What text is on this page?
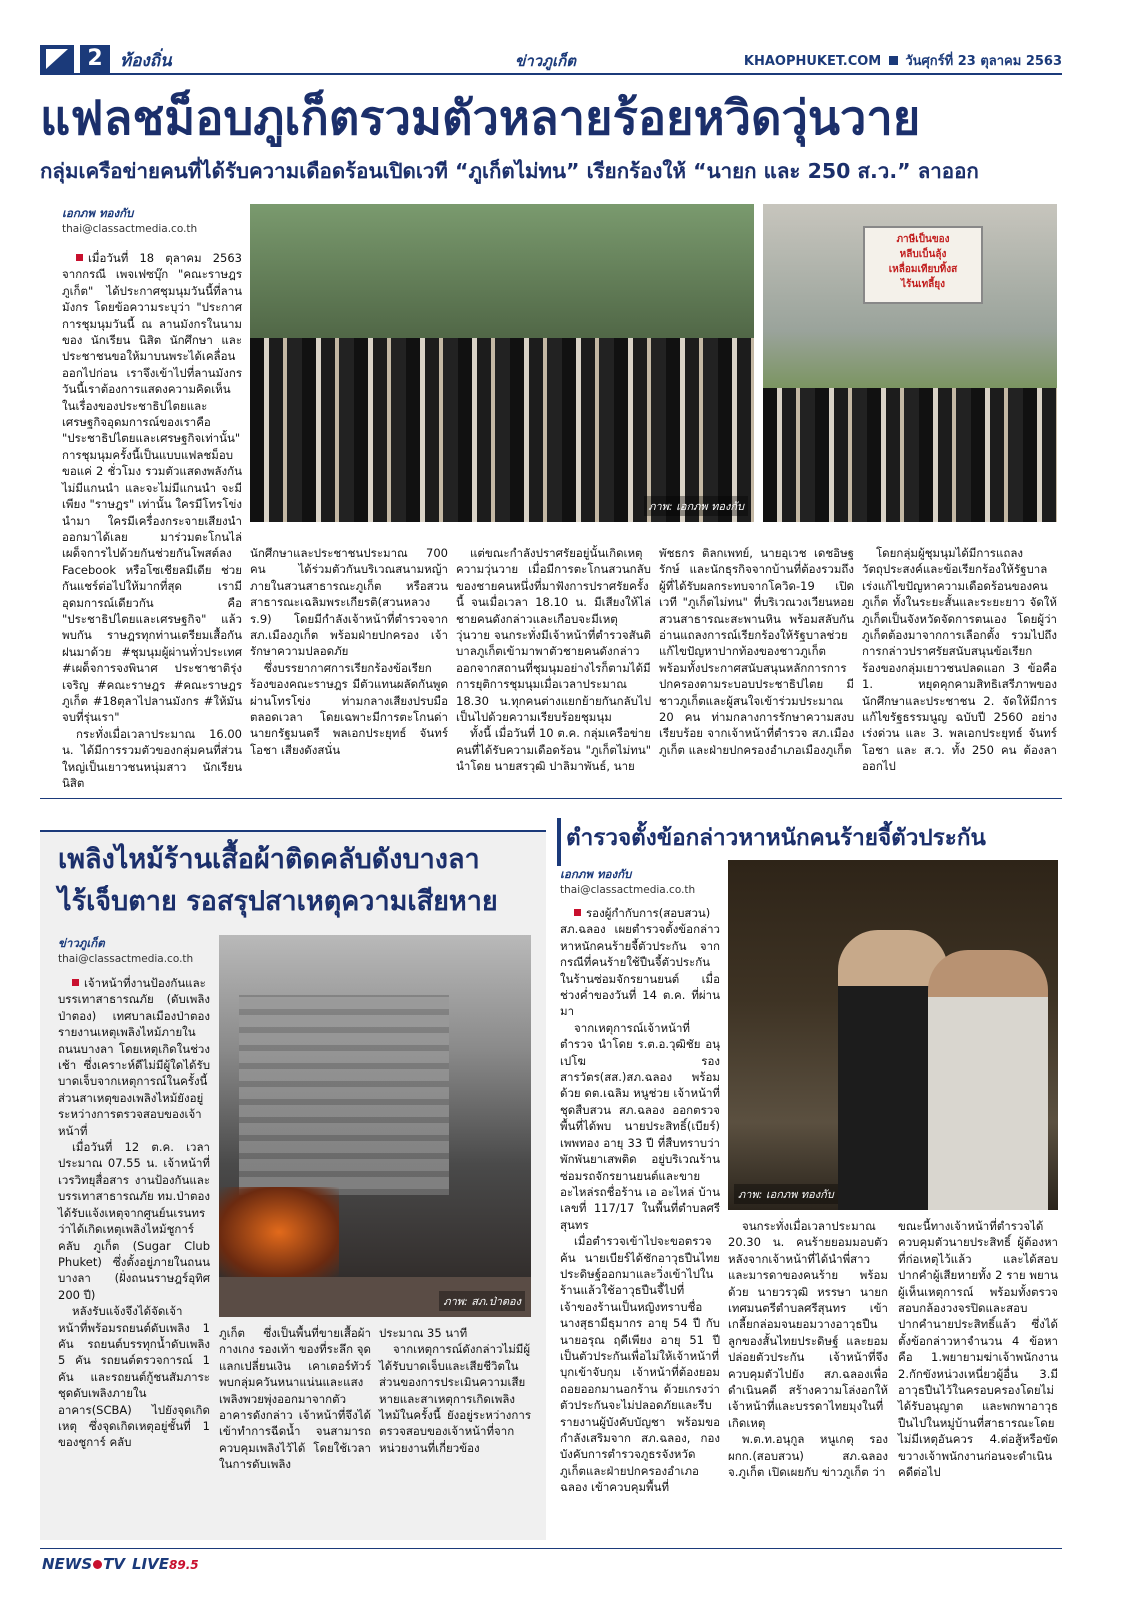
2	ท้องถิ่น	ข่าวภูเก็ต	KHAOPHUKET.COM วันศุกร์ที่ 23 ตุลาคม 2563
แฟลชม็อบภูเก็ตรวมตัวหลายร้อยหวิดวุ่นวาย
กลุ่มเครือข่ายคนที่ได้รับความเดือดร้อนเปิดเวที “ภูเก็ตไม่ทน” เรียกร้องให้ “นายก และ 250 ส.ว.” ลาออก
เอกภพ ทองกับ
thai@classactmedia.co.th
ภาพ: เอกภพ ทองกับ
ภาษีเป็นของ
หลีบเบ็นลุ้ง
เหลื่อมเทียบทิ้งส
ไร้นเทลี้ยุง

เมื่อวันที่ 18 ตุลาคม 2563 จากกรณี เพจเฟซบุ๊ก "คณะราษฎรภูเก็ต" ได้ประกาศชุมนุมวันนี้ที่ลานมังกร โดยข้อความระบุว่า "ประกาศการชุมนุมวันนี้ ณ ลานมังกรในนามของ นักเรียน นิสิต นักศึกษา และประชาชนขอให้มาบนพระได้เคลื่อนออกไปก่อน เราจึงเข้าไปที่ลานมังกร วันนี้เราต้องการแสดงความคิดเห็นในเรื่องของประชาธิปไตยและเศรษฐกิจอุดมการณ์ของเราคือ "ประชาธิปไตยและเศรษฐกิจเท่านั้น" การชุมนุมครั้งนี้เป็นแบบแฟลชม็อบ ขอแค่ 2 ชั่วโมง รวมตัวแสดงพลังกัน ไม่มีแกนนำ และจะไม่มีแกนนำ จะมีเพียง "ราษฎร" เท่านั้น ใครมีโทรโข่งนำมา ใครมีเครื่องกระจายเสียงนำออกมาได้เลย มาร่วมตะโกนไล่เผด็จการไปด้วยกันช่วยกันโพสต์ลง Facebook หรือโซเชียลมีเดีย ช่วยกันแชร์ต่อไปให้มากที่สุด เรามีอุดมการณ์เดียวกัน คือ "ประชาธิปไตยและเศรษฐกิจ" แล้วพบกัน ราษฎรทุกท่านเตรียมเสื้อกันฝนมาด้วย #ชุมนุมผู้ผ่านทั่วประเทศ #เผด็จการจงพินาศ ประชาชาติรุ่งเจริญ #คณะราษฎร #คณะราษฎรภูเก็ต #18ตุลาไปลานมังกร #ให้มันจบที่รุ่นเรา"

กระทั่งเมื่อเวลาประมาณ 16.00 น. ได้มีการรวมตัวของกลุ่มคนที่ส่วนใหญ่เป็นเยาวชนหนุ่มสาว นักเรียน นิสิต

นักศึกษาและประชาชนประมาณ 700 คน ได้ร่วมตัวกันบริเวณสนามหญ้าภายในสวนสาธารณะภูเก็ต หรือสวนสาธารณะเฉลิมพระเกียรติ(สวนหลวง ร.9) โดยมีกำลังเจ้าหน้าที่ตำรวจจาก สภ.เมืองภูเก็ต พร้อมฝ่ายปกครอง เจ้ารักษาความปลอดภัย

ซึ่งบรรยากาศการเรียกร้องข้อเรียกร้องของคณะราษฎร มีตัวแทนผลัดกันพูดผ่านโทรโข่ง ท่ามกลางเสียงปรบมือตลอดเวลา โดยเฉพาะมีการตะโกนด่านายกรัฐมนตรี พลเอกประยุทธ์ จันทร์โอชา เสียงดังสนั่น

แต่ขณะกำลังปราศรัยอยู่นั้นเกิดเหตุความวุ่นวาย เมื่อมีการตะโกนสวนกลับของชายคนหนึ่งที่มาฟังการปราศรัยครั้งนี้ จนเมื่อเวลา 18.10 น. มีเสียงให้ไล่ชายคนดังกล่าวและเกือบจะมีเหตุวุ่นวาย จนกระทั่งมีเจ้าหน้าที่ตำรวจสันติบาลภูเก็ตเข้ามาพาตัวชายคนดังกล่าวออกจากสถานที่ชุมนุมอย่างไรก็ตามได้มีการยุติการชุมนุมเมื่อเวลาประมาณ 18.30 น.ทุกคนต่างแยกย้ายกันกลับไปเป็นไปด้วยความเรียบร้อยชุมนุม

ทั้งนี้ เมื่อวันที่ 10 ต.ค. กลุ่มเครือข่ายคนที่ได้รับความเดือดร้อน "ภูเก็ตไม่ทน" นำโดย นายสรวุฒิ ปาลิมาพันธ์, นาย

พัชธกร ติลกเพทย์, นายอุเวช เดชอิษฐรักษ์ และนักธุรกิจจากบ้านที่ต้องรวมถึงผู้ที่ได้รับผลกระทบจากโควิด-19 เปิดเวที "ภูเก็ตไม่ทน" ที่บริเวณวงเวียนหอย สวนสาธารณะสะพานหิน พร้อมสลับกันอ่านแถลงการณ์เรียกร้องให้รัฐบาลช่วยแก้ไขปัญหาปากท้องของชาวภูเก็ต พร้อมทั้งประกาศสนับสนุนหลักการการปกครองตามระบอบประชาธิปไตย มีชาวภูเก็ตและผู้สนใจเข้าร่วมประมาณ 20 คน ท่ามกลางการรักษาความสงบเรียบร้อย จากเจ้าหน้าที่ตำรวจ สภ.เมืองภูเก็ต และฝ่ายปกครองอำเภอเมืองภูเก็ต

โดยกลุ่มผู้ชุมนุมได้มีการแถลงวัตถุประสงค์และข้อเรียกร้องให้รัฐบาลเร่งแก้ไขปัญหาความเดือดร้อนของคนภูเก็ต ทั้งในระยะสั้นและระยะยาว จัดให้ภูเก็ตเป็นจังหวัดจัดการตนเอง โดยผู้ว่าภูเก็ตต้องมาจากการเลือกตั้ง รวมไปถึงการกล่าวปราศรัยสนับสนุนข้อเรียกร้องของกลุ่มเยาวชนปลดแอก 3 ข้อคือ 1. หยุดคุกคามสิทธิเสรีภาพของนักศึกษาและประชาชน 2. จัดให้มีการแก้ไขรัฐธรรมนูญ ฉบับปี 2560 อย่างเร่งด่วน และ 3. พลเอกประยุทธ์ จันทร์โอชา และ ส.ว. ทั้ง 250 คน ต้องลาออกไป

เพลิงไหม้ร้านเสื้อผ้าติดคลับดังบางลา
ไร้เจ็บตาย รอสรุปสาเหตุความเสียหาย
ข่าวภูเก็ต
thai@classactmedia.co.th
ภาพ: สภ.ป่าตอง

เจ้าหน้าที่งานป้องกันและบรรเทาสาธารณภัย (ดับเพลิงป่าตอง) เทศบาลเมืองป่าตอง รายงานเหตุเพลิงไหม้ภายในถนนบางลา โดยเหตุเกิดในช่วงเช้า ซึ่งเคราะห์ดีไม่มีผู้ใดได้รับบาดเจ็บจากเหตุการณ์ในครั้งนี้ ส่วนสาเหตุของเพลิงไหม้ยังอยู่ระหว่างการตรวจสอบของเจ้าหน้าที่

เมื่อวันที่ 12 ต.ค. เวลาประมาณ 07.55 น. เจ้าหน้าที่เวรวิทยุสื่อสาร งานป้องกันและบรรเทาสาธารณภัย ทม.ป่าตอง ได้รับแจ้งเหตุจากศูนย์นเรนทรว่าได้เกิดเหตุเพลิงไหม้ชูการ์ คลับ ภูเก็ต (Sugar Club Phuket) ซึ่งตั้งอยู่ภายในถนนบางลา (ฝั่งถนนราษฎร์อุทิศ 200 ปี)

หลังรับแจ้งจึงได้จัดเจ้าหน้าที่พร้อมรถยนต์ดับเพลิง 1 คัน รถยนต์บรรทุกน้ำดับเพลิง 5 คัน รถยนต์ตรวจการณ์ 1 คัน และรถยนต์กู้ชนสัมภาระชุดดับเพลิงภายในอาคาร(SCBA) ไปยังจุดเกิดเหตุ ซึ่งจุดเกิดเหตุอยู่ชั้นที่ 1 ของชูการ์ คลับ

ภูเก็ต ซึ่งเป็นพื้นที่ขายเสื้อผ้า กางเกง รองเท้า ของที่ระลึก จุดแลกเปลี่ยนเงิน เคาเตอร์ทัวร์ พบกลุ่มควันหนาแน่นและแสงเพลิงพวยพุ่งออกมาจากตัวอาคารดังกล่าว เจ้าหน้าที่จึงได้เข้าทำการฉีดน้ำ จนสามารถควบคุมเพลิงไว้ได้ โดยใช้เวลาในการดับเพลิง

ประมาณ 35 นาที

จากเหตุการณ์ดังกล่าวไม่มีผู้ได้รับบาดเจ็บและเสียชีวิตในส่วนของการประเมินความเสียหายและสาเหตุการเกิดเพลิงไหม้ในครั้งนี้ ยังอยู่ระหว่างการตรวจสอบของเจ้าหน้าที่จากหน่วยงานที่เกี่ยวข้อง

ตำรวจตั้งข้อกล่าวหาหนักคนร้ายจี้ตัวประกัน
เอกภพ ทองกับ
thai@classactmedia.co.th
ภาพ: เอกภพ ทองกับ

รองผู้กำกับการ(สอบสวน) สภ.ฉลอง เผยตำรวจตั้งข้อกล่าวหาหนักคนร้ายจี้ตัวประกัน จากกรณีที่คนร้ายใช้ปืนจี้ตัวประกันในร้านซ่อมจักรยานยนต์ เมื่อช่วงค่ำของวันที่ 14 ต.ค. ที่ผ่านมา

จากเหตุการณ์เจ้าหน้าที่ตำรวจ นำโดย ร.ต.อ.วุฒิชัย อนุเปโฆ รองสารวัตร(สส.)สภ.ฉลอง พร้อมด้วย ดต.เฉลิม หนูช่วย เจ้าหน้าที่ชุดสืบสวน สภ.ฉลอง ออกตรวจพื้นที่ได้พบ นายประสิทธิ์(เบียร์) เพพทอง อายุ 33 ปี ที่สืบทราบว่าพักพันยาเสพติด อยู่บริเวณร้านซ่อมรถจักรยานยนต์และขายอะไหล่รถชื่อร้าน เอ อะไหล่ บ้านเลขที่ 117/17 ในพื้นที่ตำบลศรีสุนทร

เมื่อตำรวจเข้าไปจะขอตรวจค้น นายเบียร์ได้ชักอาวุธปืนไทยประดิษฐ์ออกมาและวิ่งเข้าไปในร้านแล้วใช้อาวุธปืนจี้ไปที่เจ้าของร้านเป็นหญิงทราบชื่อ นางสุธามีธุมากร อายุ 54 ปี กับ นายอรุณ ฤดีเพียง อายุ 51 ปี เป็นตัวประกันเพื่อไม่ให้เจ้าหน้าที่บุกเข้าจับกุม เจ้าหน้าที่ต้องยอมถอยออกมานอกร้าน ด้วยเกรงว่าตัวประกันจะไม่ปลอดภัยและรีบรายงานผู้บังคับบัญชา พร้อมขอกำลังเสริมจาก สภ.ฉลอง, กองบังคับการตำรวจภูธรจังหวัดภูเก็ตและฝ่ายปกครองอำเภอฉลอง เข้าควบคุมพื้นที่

จนกระทั่งเมื่อเวลาประมาณ 20.30 น. คนร้ายยอมมอบตัวหลังจากเจ้าหน้าที่ได้นำพี่สาวและมารดาของคนร้าย พร้อมด้วย นายวรวุฒิ หรรษา นายกเทศมนตรีตำบลศรีสุนทร เข้าเกลี้ยกล่อมจนยอมวางอาวุธปืนลูกของสั้นไทยประดิษฐ์ และยอมปล่อยตัวประกัน เจ้าหน้าที่จึงควบคุมตัวไปยัง สภ.ฉลองเพื่อดำเนินคดี สร้างความโล่งอกให้เจ้าหน้าที่และบรรดาไทยมุงในที่เกิดเหตุ

พ.ต.ท.อนุกูล หนูเกตุ รอง ผกก.(สอบสวน) สภ.ฉลอง จ.ภูเก็ต เปิดเผยกับ ข่าวภูเก็ต ว่า

ขณะนี้ทางเจ้าหน้าที่ตำรวจได้ควบคุมตัวนายประสิทธิ์ ผู้ต้องหาที่ก่อเหตุไว้แล้ว และได้สอบปากคำผู้เสียหายทั้ง 2 ราย พยานผู้เห็นเหตุการณ์ พร้อมทั้งตรวจสอบกล้องวงจรปิดและสอบปากคำนายประสิทธิ์แล้ว ซึ่งได้ตั้งข้อกล่าวหาจำนวน 4 ข้อหาคือ 1.พยายามฆ่าเจ้าพนักงาน 2.กักขังหน่วงเหนี่ยวผู้อื่น 3.มีอาวุธปืนไว้ในครอบครองโดยไม่ได้รับอนุญาต และพกพาอาวุธปืนไปในหมู่บ้านที่สาธารณะโดยไม่มีเหตุอันควร 4.ต่อสู้หรือขัดขวางเจ้าพนักงานก่อนจะดำเนินคดีต่อไป

NEWS TV LIVE89.5
